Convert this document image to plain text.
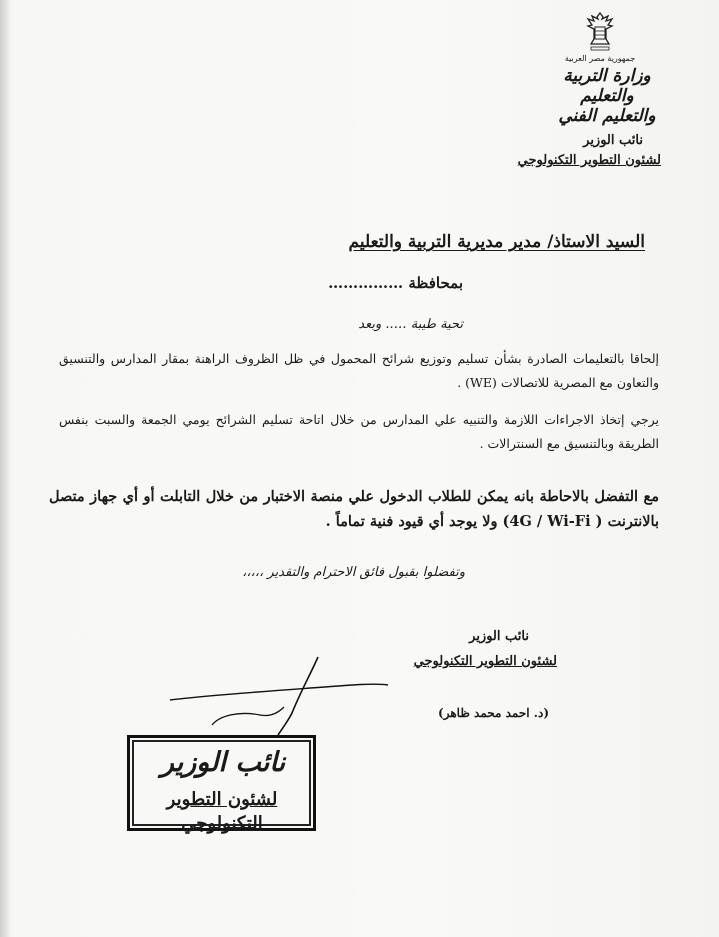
جمهورية مصر العربية
وزارة التربية والتعليم
والتعليم الفني
نائب الوزير
لشئون التطوير التكنولوجي
السيد الاستاذ/ مدير مديرية التربية والتعليم
بمحافظة ……………
تحية طيبة ….. وبعد
إلحاقا بالتعليمات الصادرة بشأن تسليم وتوزيع شرائح المحمول في ظل الظروف الراهنة بمقار المدارس والتنسيق والتعاون مع المصرية للاتصالات (WE) .
يرجي إتخاذ الاجراءات اللازمة والتنبيه علي المدارس من خلال اتاحة تسليم الشرائح يومي الجمعة والسبت بنفس الطريقة وبالتنسيق مع السنترالات .
مع التفضل بالاحاطة بانه يمكن للطلاب الدخول علي منصة الاختبار من خلال التابلت أو أي جهاز متصل بالانترنت ( 4G / Wi-Fi) ولا يوجد أي قيود فنية تماماً .
وتفضلوا بقبول فائق الاحترام والتقدير ،،،،،
نائب الوزير
لشئون التطوير التكنولوجي
(د. احمد محمد ظاهر)
نائب الوزير
لشئون التطوير التكنولوجي
